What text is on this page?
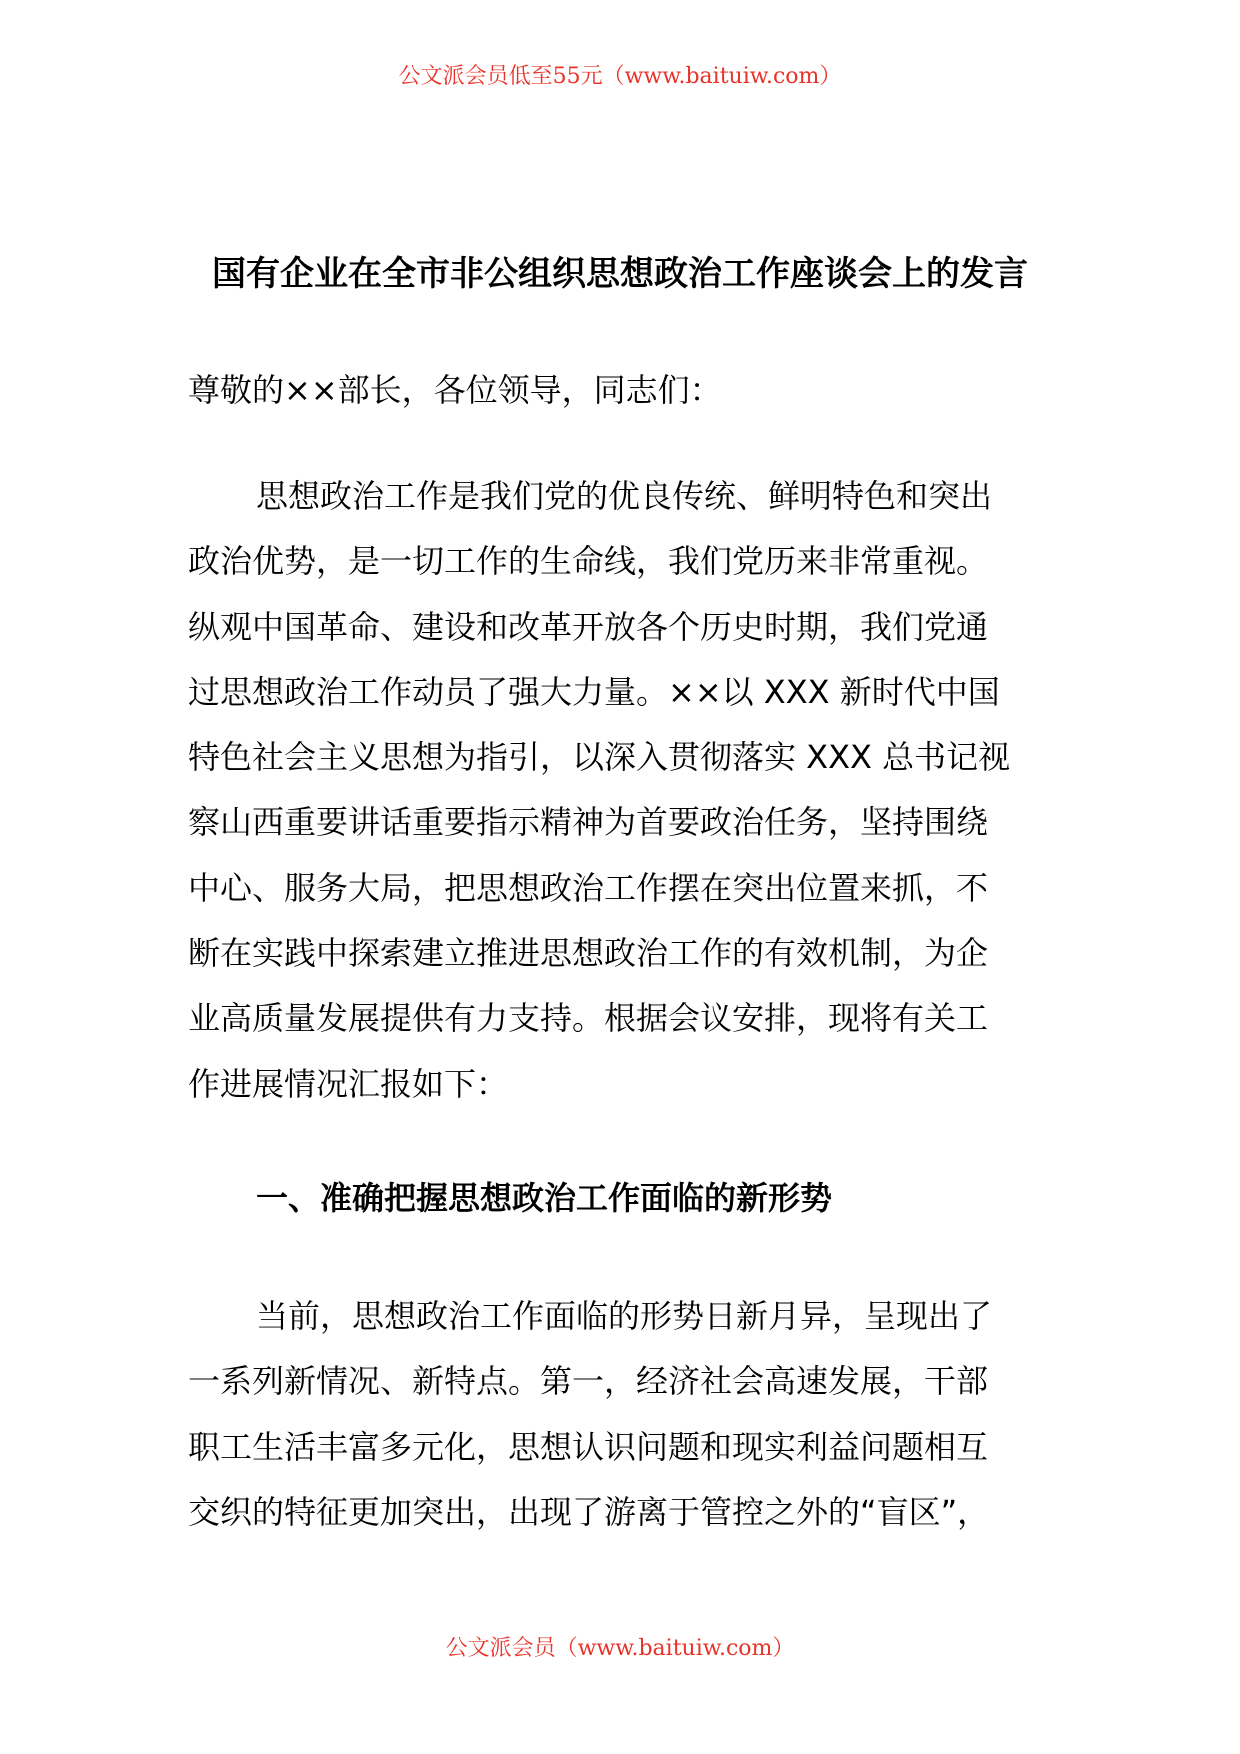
公文派会员低至55元（www.baituiw.com）
国有企业在全市非公组织思想政治工作座谈会上的发言
尊敬的××部长，各位领导，同志们：
思想政治工作是我们党的优良传统、鲜明特色和突出
政治优势，是一切工作的生命线，我们党历来非常重视。
纵观中国革命、建设和改革开放各个历史时期，我们党通
过思想政治工作动员了强大力量。××以 XXX 新时代中国
特色社会主义思想为指引，以深入贯彻落实 XXX 总书记视
察山西重要讲话重要指示精神为首要政治任务，坚持围绕
中心、服务大局，把思想政治工作摆在突出位置来抓，不
断在实践中探索建立推进思想政治工作的有效机制，为企
业高质量发展提供有力支持。根据会议安排，现将有关工
作进展情况汇报如下：
一、准确把握思想政治工作面临的新形势
当前，思想政治工作面临的形势日新月异，呈现出了
一系列新情况、新特点。第一，经济社会高速发展，干部
职工生活丰富多元化，思想认识问题和现实利益问题相互
交织的特征更加突出，出现了游离于管控之外的“盲区”，
公文派会员（www.baituiw.com）
